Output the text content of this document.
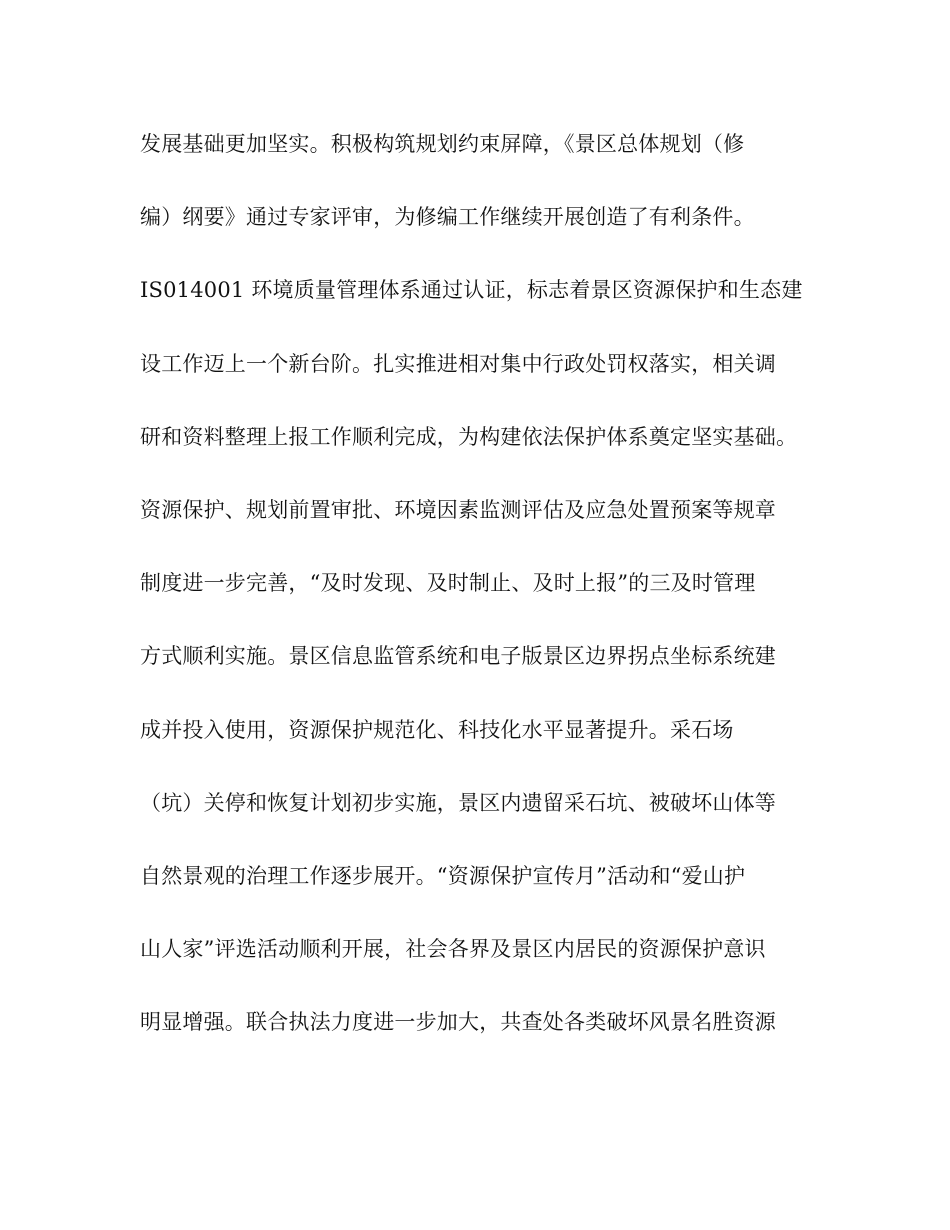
发展基础更加坚实。积极构筑规划约束屏障，《景区总体规划（修
编）纲要》通过专家评审，为修编工作继续开展创造了有利条件。
IS014001 环境质量管理体系通过认证，标志着景区资源保护和生态建
设工作迈上一个新台阶。扎实推进相对集中行政处罚权落实，相关调
研和资料整理上报工作顺利完成，为构建依法保护体系奠定坚实基础。
资源保护、规划前置审批、环境因素监测评估及应急处置预案等规章
制度进一步完善，“及时发现、及时制止、及时上报”的三及时管理
方式顺利实施。景区信息监管系统和电子版景区边界拐点坐标系统建
成并投入使用，资源保护规范化、科技化水平显著提升。采石场
（坑）关停和恢复计划初步实施，景区内遗留采石坑、被破坏山体等
自然景观的治理工作逐步展开。“资源保护宣传月”活动和“爱山护
山人家”评选活动顺利开展，社会各界及景区内居民的资源保护意识
明显增强。联合执法力度进一步加大，共查处各类破坏风景名胜资源
